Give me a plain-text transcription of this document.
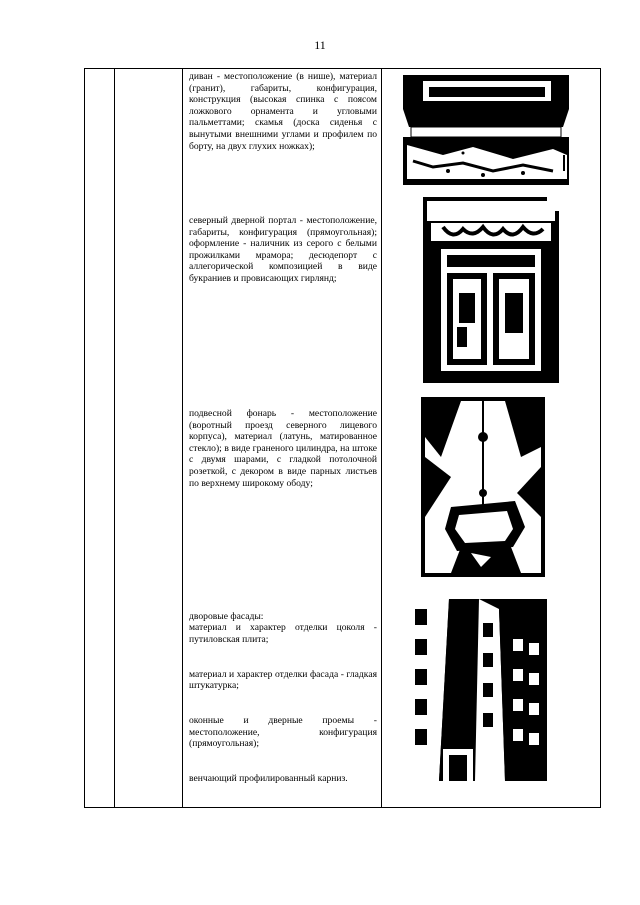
11

диван - местоположение (в нише), материал (гранит), габариты, конфигурация, конструкция (высокая спинка с поясом ложкового орнамента и угловыми пальметтами; скамья (доска сиденья с вынутыми внешними углами и профилем по борту, на двух глухих ножках);

северный дверной портал - местоположение, габариты, конфигурация (прямоугольная); оформление - наличник из серого с белыми прожилками мрамора; десюдепорт с аллегорической композицией в виде букраниев и провисающих гирлянд;

подвесной фонарь - местоположение (воротный проезд северного лицевого корпуса), материал (латунь, матированное стекло); в виде граненого цилиндра, на штоке с двумя шарами, с гладкой потолочной розеткой, с декором в виде парных листьев по верхнему широкому ободу;

дворовые фасады:
материал и характер отделки цоколя - путиловская плита;

материал и характер отделки фасада - гладкая штукатурка;

оконные и дверные проемы - местоположение, конфигурация (прямоугольная);

венчающий профилированный карниз.
